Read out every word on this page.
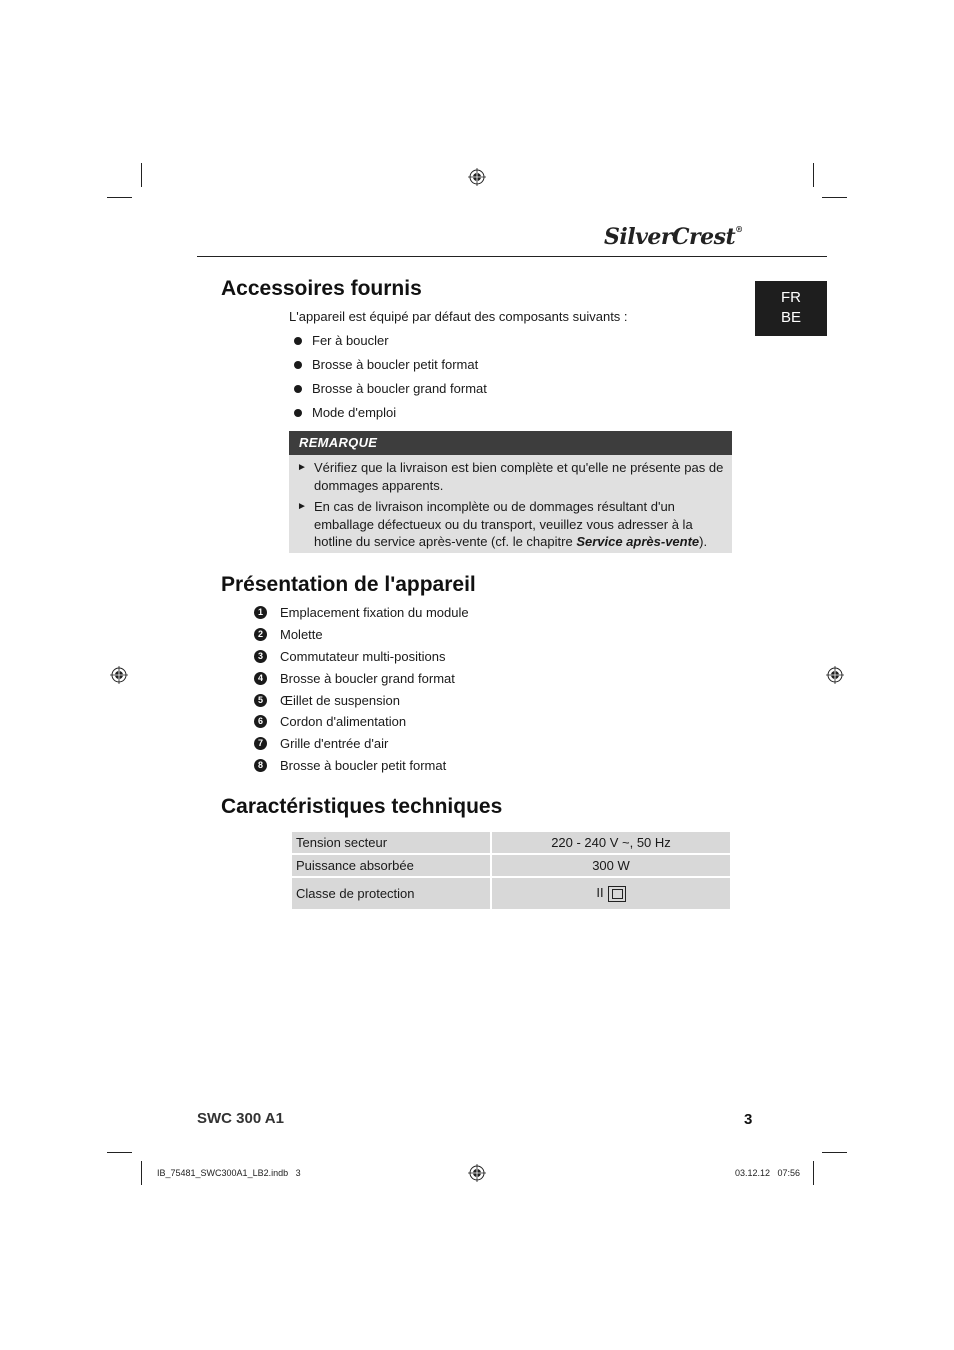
SilverCrest®
FR
BE
Accessoires fournis
L'appareil est équipé par défaut des composants suivants :
Fer à boucler
Brosse à boucler petit format
Brosse à boucler grand format
Mode d'emploi
REMARQUE
► Vérifiez que la livraison est bien complète et qu'elle ne présente pas de dommages apparents.
► En cas de livraison incomplète ou de dommages résultant d'un emballage défectueux ou du transport, veuillez vous adresser à la hotline du service après-vente (cf. le chapitre Service après-vente).
Présentation de l'appareil
1	Emplacement fixation du module
2	Molette
3	Commutateur multi-positions
4	Brosse à boucler grand format
5	Œillet de suspension
6	Cordon d'alimentation
7	Grille d'entrée d'air
8	Brosse à boucler petit format
Caractéristiques techniques
Tension secteur	220 - 240 V ~, 50 Hz
Puissance absorbée	300 W
Classe de protection	II
SWC 300 A1	3
IB_75481_SWC300A1_LB2.indb   3	03.12.12   07:56
